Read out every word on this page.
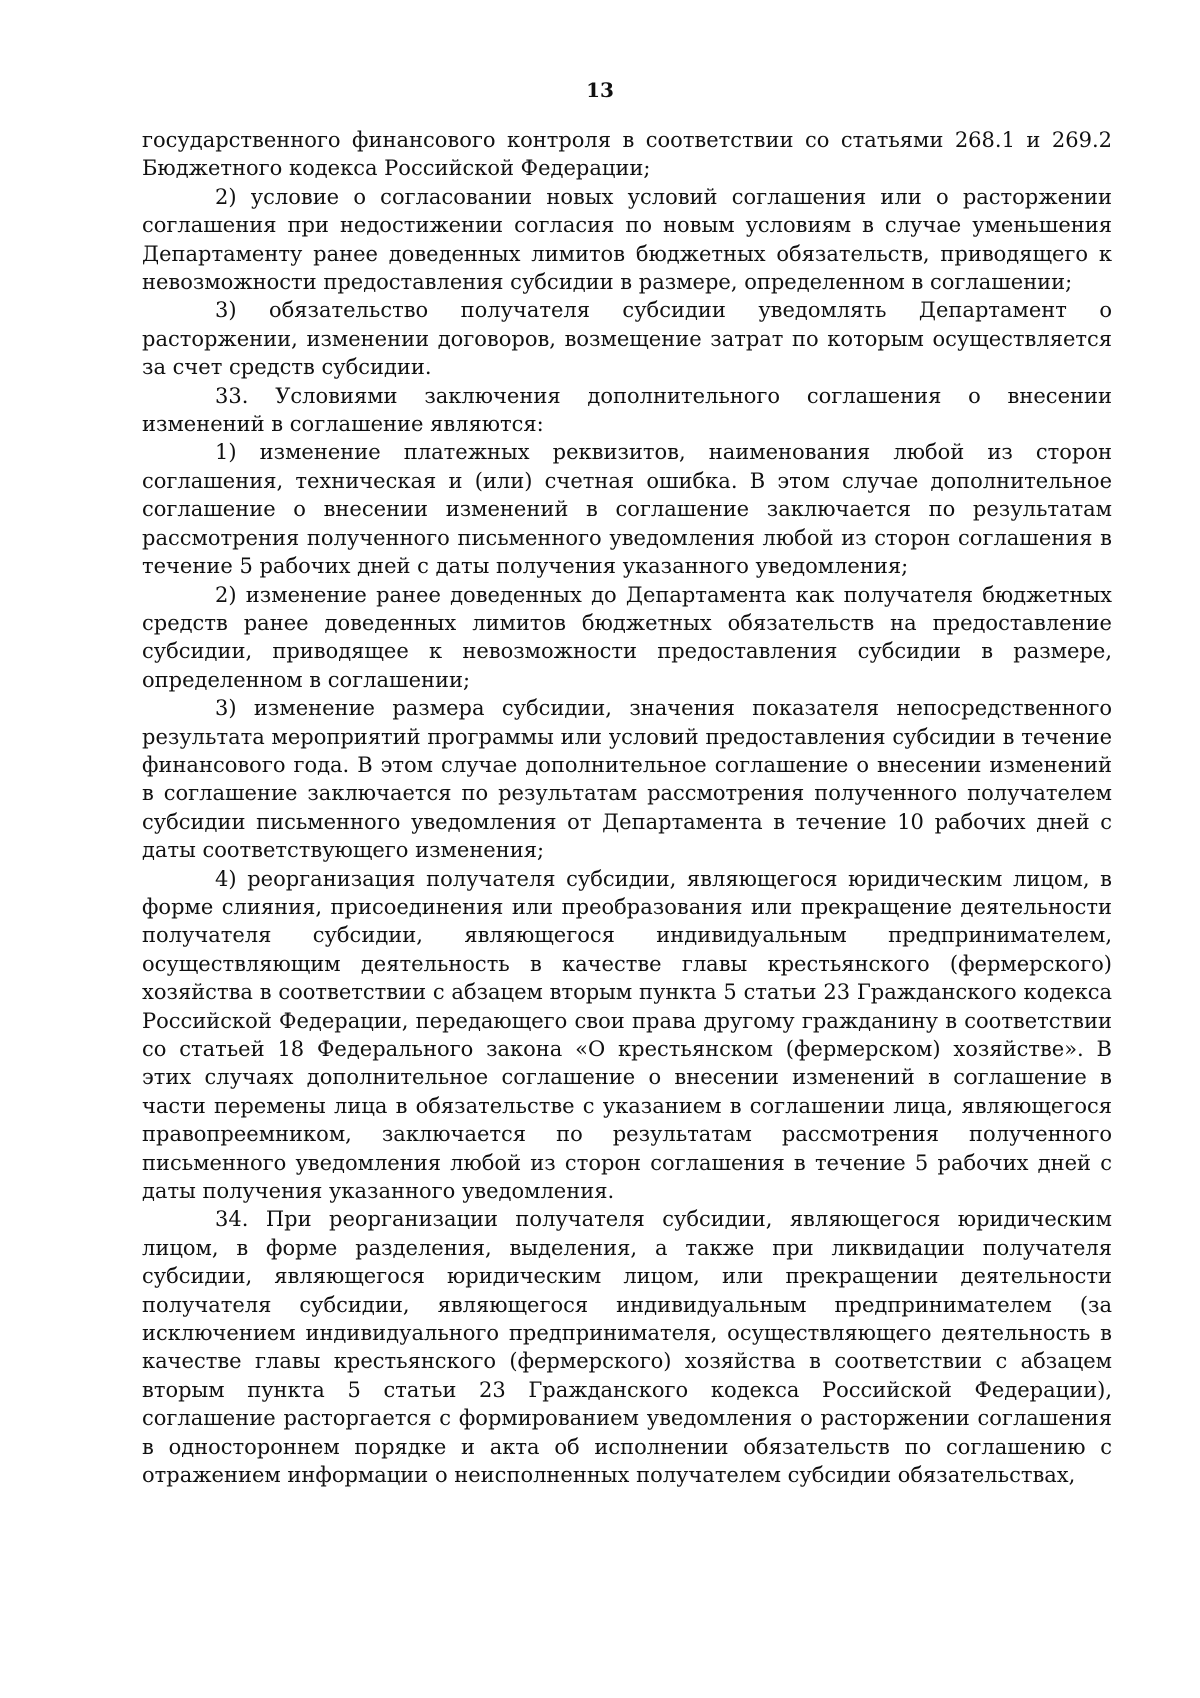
13

государственного финансового контроля в соответствии со статьями 268.1 и 269.2 Бюджетного кодекса Российской Федерации;

2) условие о согласовании новых условий соглашения или о расторжении соглашения при недостижении согласия по новым условиям в случае уменьшения Департаменту ранее доведенных лимитов бюджетных обязательств, приводящего к невозможности предоставления субсидии в размере, определенном в соглашении;

3) обязательство получателя субсидии уведомлять Департамент о расторжении, изменении договоров, возмещение затрат по которым осуществляется за счет средств субсидии.

33. Условиями заключения дополнительного соглашения о внесении изменений в соглашение являются:

1) изменение платежных реквизитов, наименования любой из сторон соглашения, техническая и (или) счетная ошибка. В этом случае дополнительное соглашение о внесении изменений в соглашение заключается по результатам рассмотрения полученного письменного уведомления любой из сторон соглашения в течение 5 рабочих дней с даты получения указанного уведомления;

2) изменение ранее доведенных до Департамента как получателя бюджетных средств ранее доведенных лимитов бюджетных обязательств на предоставление субсидии, приводящее к невозможности предоставления субсидии в размере, определенном в соглашении;

3) изменение размера субсидии, значения показателя непосредственного результата мероприятий программы или условий предоставления субсидии в течение финансового года. В этом случае дополнительное соглашение о внесении изменений в соглашение заключается по результатам рассмотрения полученного получателем субсидии письменного уведомления от Департамента в течение 10 рабочих дней с даты соответствующего изменения;

4) реорганизация получателя субсидии, являющегося юридическим лицом, в форме слияния, присоединения или преобразования или прекращение деятельности получателя субсидии, являющегося индивидуальным предпринимателем, осуществляющим деятельность в качестве главы крестьянского (фермерского) хозяйства в соответствии с абзацем вторым пункта 5 статьи 23 Гражданского кодекса Российской Федерации, передающего свои права другому гражданину в соответствии со статьей 18 Федерального закона «О крестьянском (фермерском) хозяйстве». В этих случаях дополнительное соглашение о внесении изменений в соглашение в части перемены лица в обязательстве с указанием в соглашении лица, являющегося правопреемником, заключается по результатам рассмотрения полученного письменного уведомления любой из сторон соглашения в течение 5 рабочих дней с даты получения указанного уведомления.

34. При реорганизации получателя субсидии, являющегося юридическим лицом, в форме разделения, выделения, а также при ликвидации получателя субсидии, являющегося юридическим лицом, или прекращении деятельности получателя субсидии, являющегося индивидуальным предпринимателем (за исключением индивидуального предпринимателя, осуществляющего деятельность в качестве главы крестьянского (фермерского) хозяйства в соответствии с абзацем вторым пункта 5 статьи 23 Гражданского кодекса Российской Федерации), соглашение расторгается с формированием уведомления о расторжении соглашения в одностороннем порядке и акта об исполнении обязательств по соглашению с отражением информации о неисполненных получателем субсидии обязательствах,
